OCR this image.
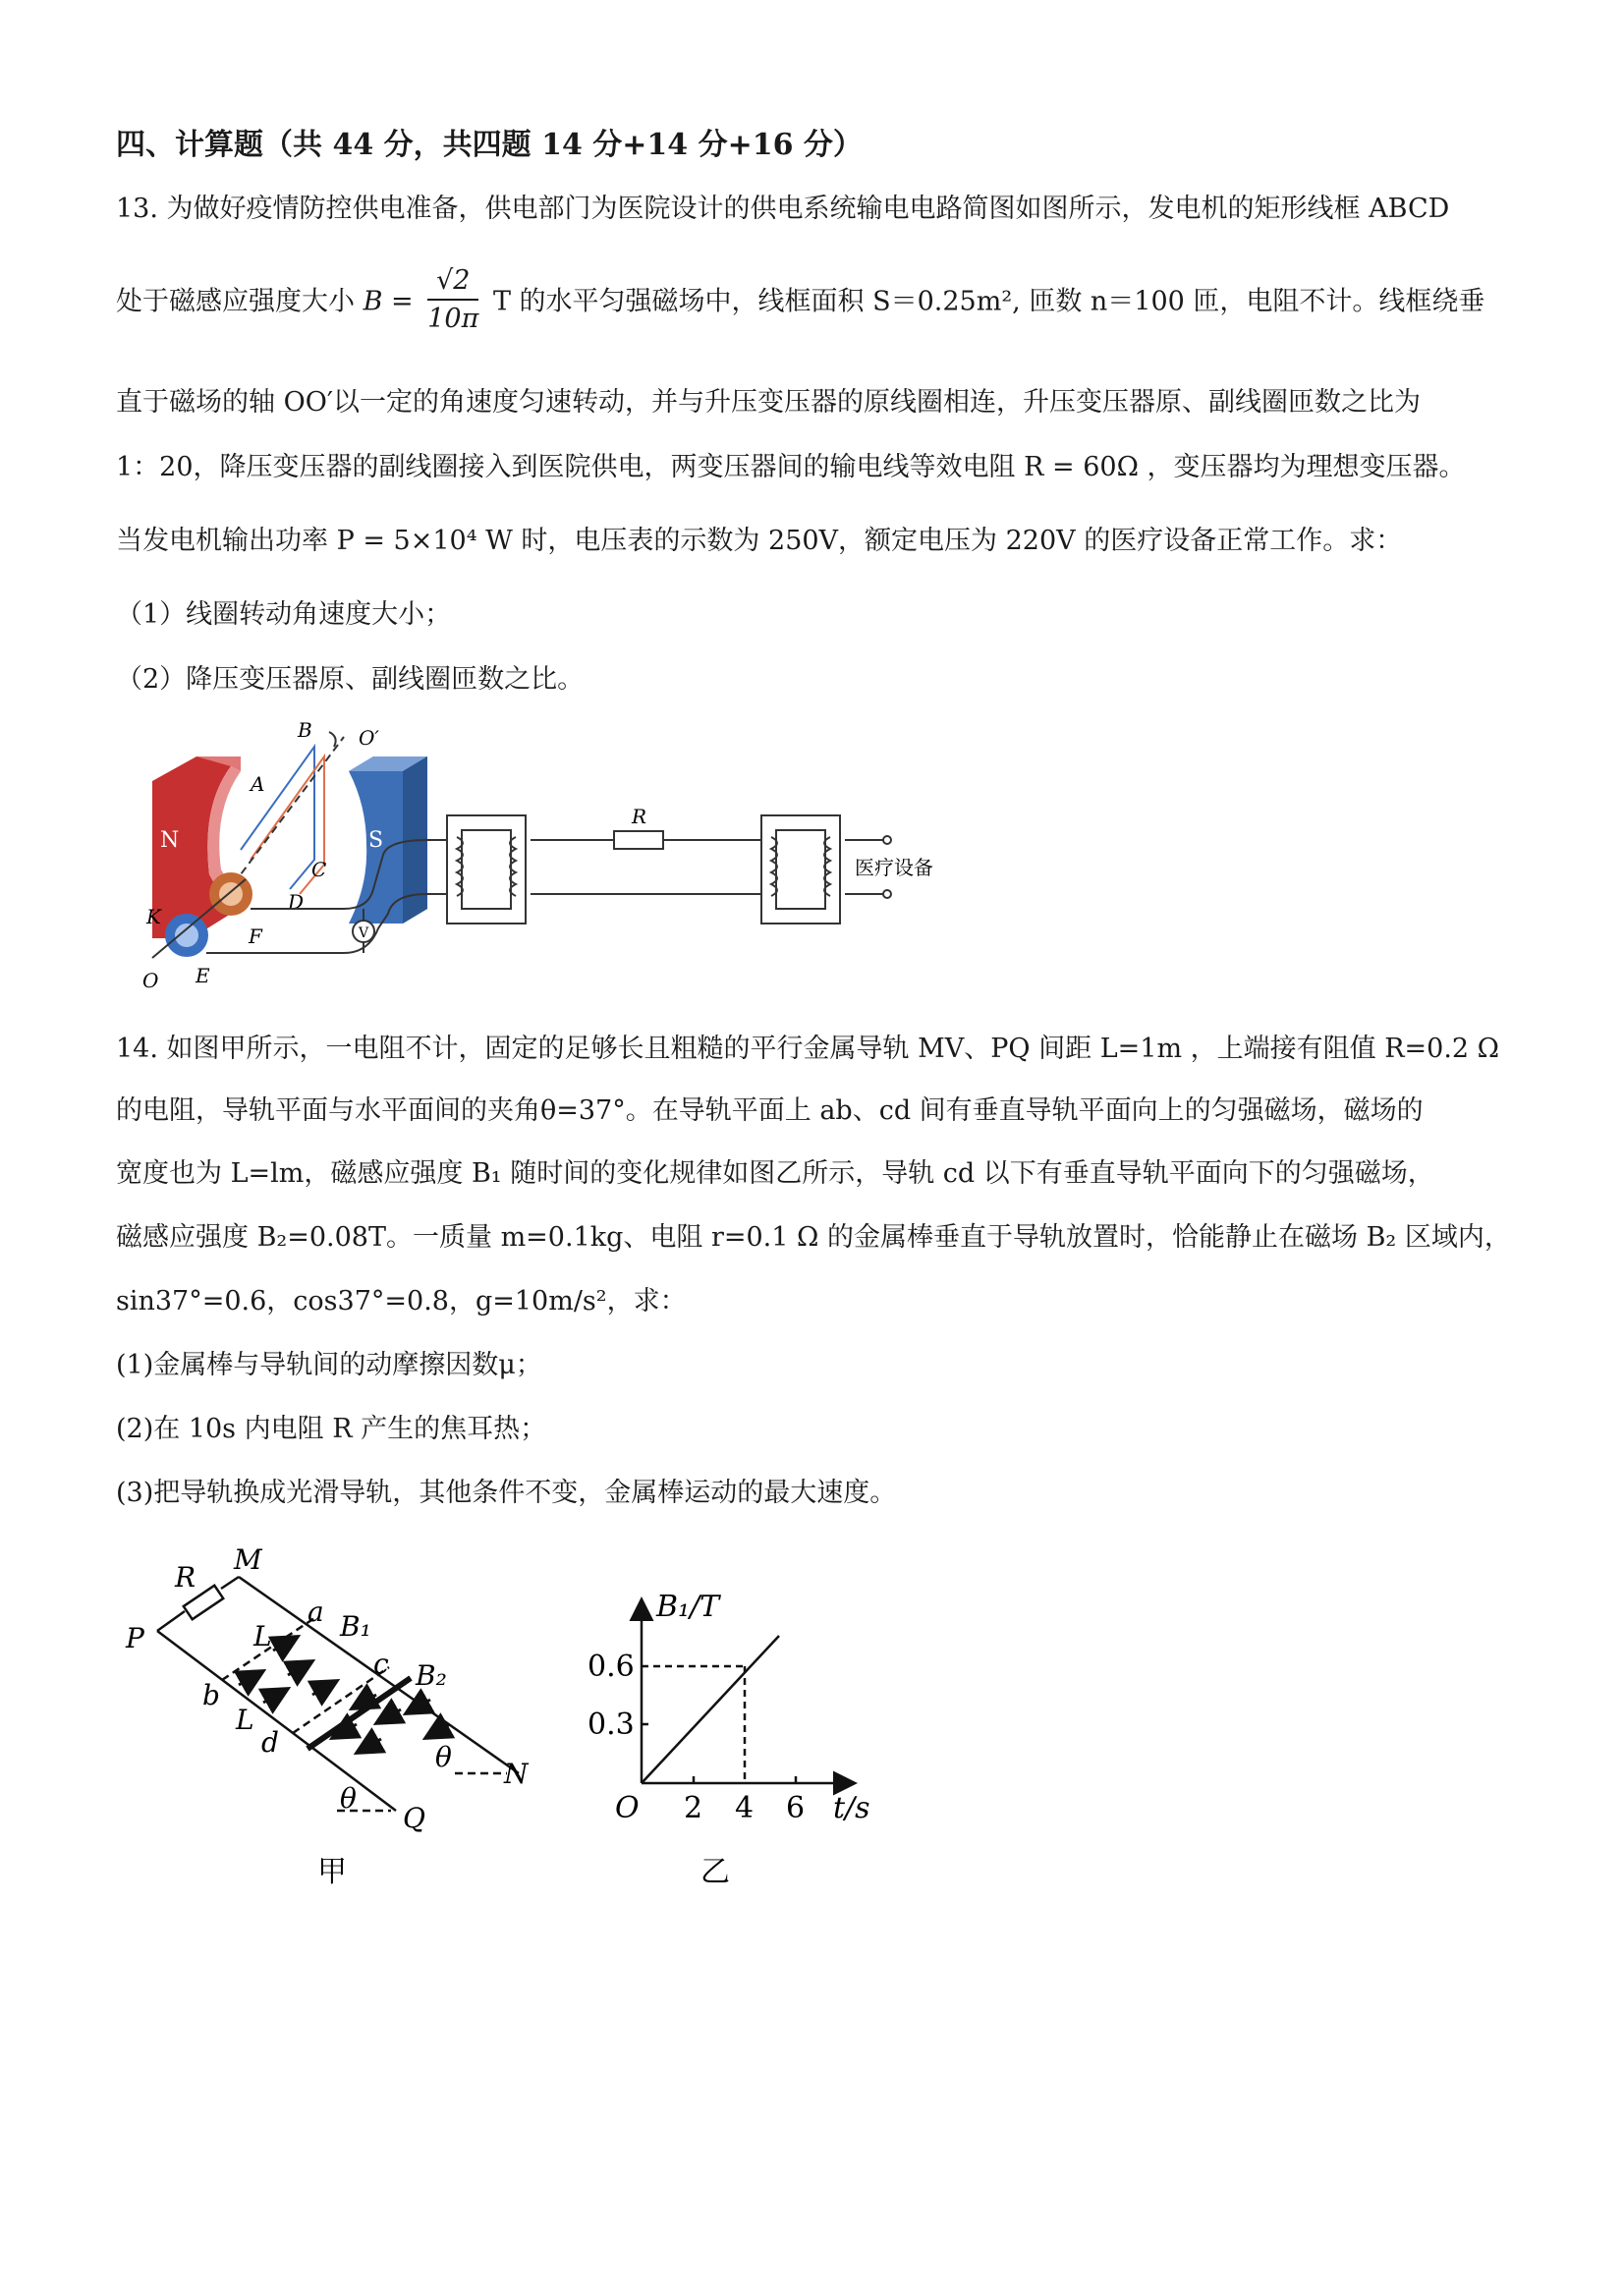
四、计算题（共 44 分，共四题 14 分+14 分+16 分）
13. 为做好疫情防控供电准备，供电部门为医院设计的供电系统输电电路简图如图所示，发电机的矩形线框 ABCD
处于磁感应强度大小 $B = \frac{√2}{10\pi}$ T 的水平匀强磁场中，线框面积 S＝0.25m², 匝数 n＝100 匝，电阻不计。线框绕垂
直于磁场的轴 OO′以一定的角速度匀速转动，并与升压变压器的原线圈相连，升压变压器原、副线圈匝数之比为
1：20，降压变压器的副线圈接入到医院供电，两变压器间的输电线等效电阻 R = 60Ω ，变压器均为理想变压器。
当发电机输出功率 P = 5×10⁴ W 时，电压表的示数为 250V，额定电压为 220V 的医疗设备正常工作。求：
（1）线圈转动角速度大小；
（2）降压变压器原、副线圈匝数之比。
N	S
B O′
A
C
D
F
K
O E
V
R
医疗设备
14. 如图甲所示，一电阻不计，固定的足够长且粗糙的平行金属导轨 MV、PQ 间距 L=1m ，上端接有阻值 R=0.2 Ω
的电阻，导轨平面与水平面间的夹角θ=37°。在导轨平面上 ab、cd 间有垂直导轨平面向上的匀强磁场，磁场的
宽度也为 L=lm，磁感应强度 B₁ 随时间的变化规律如图乙所示，导轨 cd 以下有垂直导轨平面向下的匀强磁场，
磁感应强度 B₂=0.08T。一质量 m=0.1kg、电阻 r=0.1 Ω 的金属棒垂直于导轨放置时，恰能静止在磁场 B₂ 区域内，
sin37°=0.6，cos37°=0.8，g=10m/s²，求：
(1)金属棒与导轨间的动摩擦因数μ；
(2)在 10s 内电阻 R 产生的焦耳热；
(3)把导轨换成光滑导轨，其他条件不变，金属棒运动的最大速度。
R
M
P
a B₁
L
c B₂
b
L
d	θ
N
θ
Q
甲
B₁/T
0.6
0.3
O 2 4 6 t/s
乙
